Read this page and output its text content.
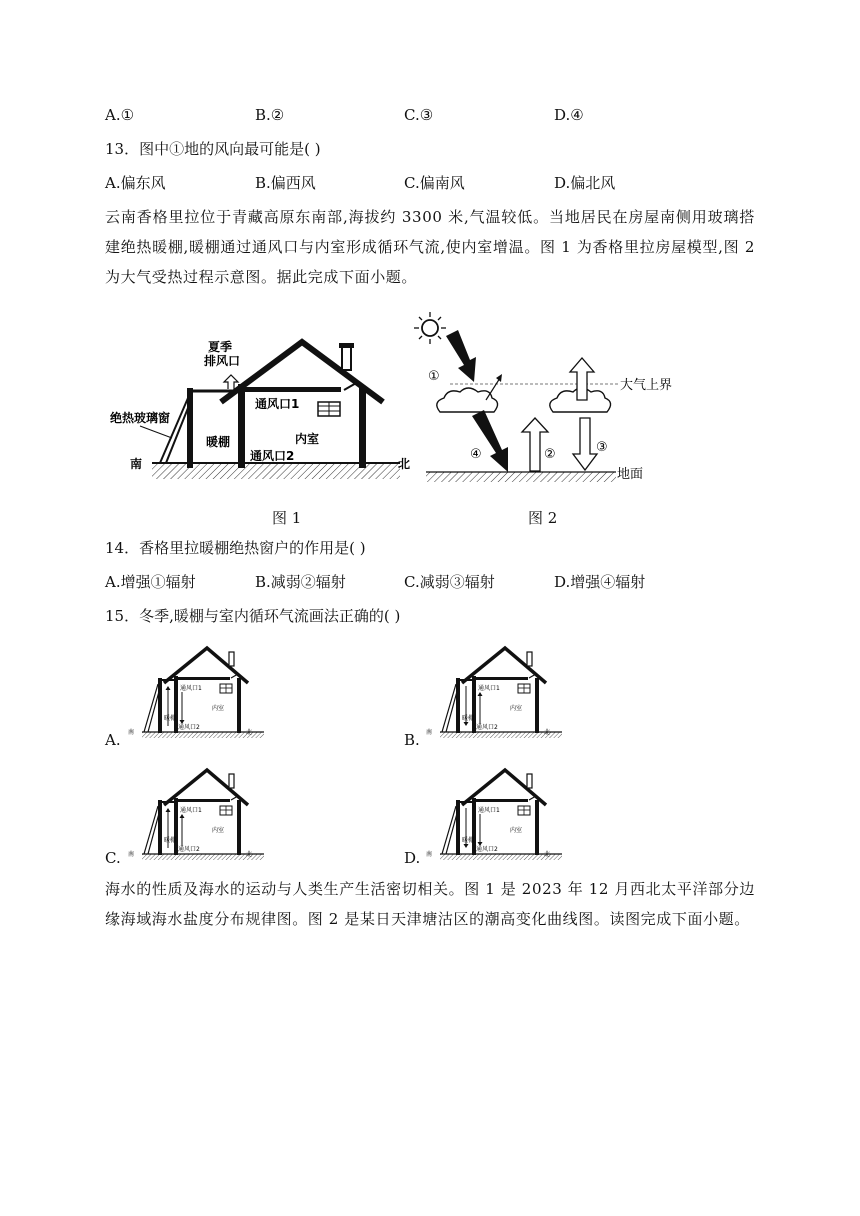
A.①	B.②	C.③	D.④
13．图中①地的风向最可能是( )
A.偏东风	B.偏西风	C.偏南风	D.偏北风
云南香格里拉位于青藏高原东南部,海拔约 3300 米,气温较低。当地居民在房屋南侧用玻璃搭建绝热暖棚,暖棚通过通风口与内室形成循环气流,使内室增温。图 1 为香格里拉房屋模型,图 2 为大气受热过程示意图。据此完成下面小题。
夏季
排风口
绝热玻璃窗
通风口1
通风口2
暖棚	内室
南	北
图 1
①
④	②	③
大气上界
地面
图 2
14．香格里拉暖棚绝热窗户的作用是( )
A.增强①辐射	B.减弱②辐射	C.减弱③辐射	D.增强④辐射
15．冬季,暖棚与室内循环气流画法正确的( )
A.	B.
C.	D.
通风口1
通风口2
暖棚
内室
南	北
通风口1
通风口2
暖棚
内室
南	北
通风口1
通风口2
暖棚
内室
南	北
通风口1
通风口2
暖棚
内室
南	北
海水的性质及海水的运动与人类生产生活密切相关。图 1 是 2023 年 12 月西北太平洋部分边缘海域海水盐度分布规律图。图 2 是某日天津塘沽区的潮高变化曲线图。读图完成下面小题。
